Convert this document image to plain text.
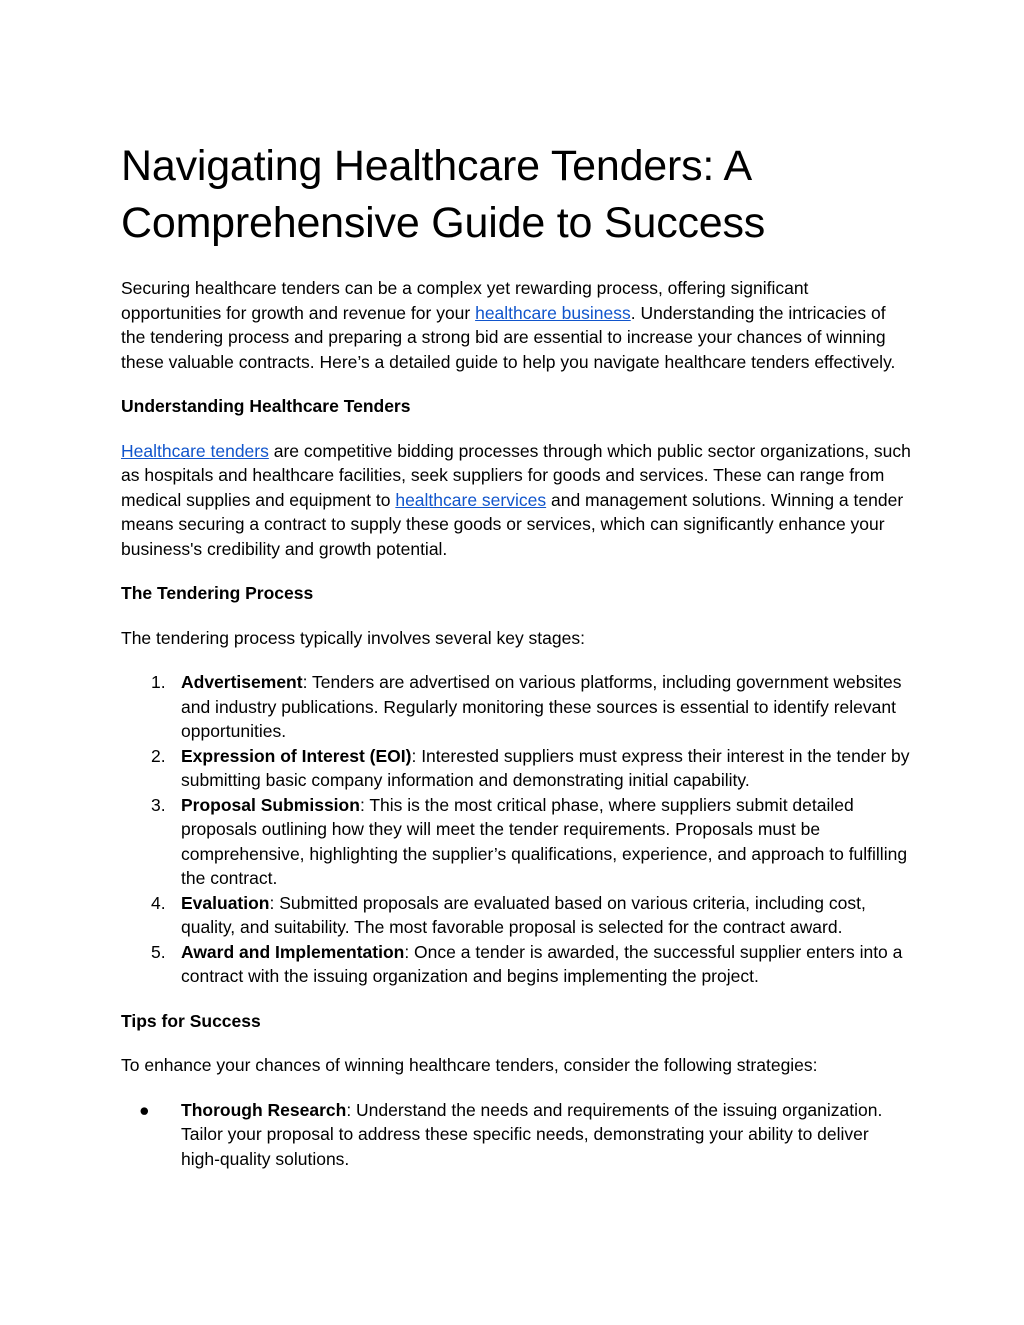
Navigating Healthcare Tenders: A Comprehensive Guide to Success

Securing healthcare tenders can be a complex yet rewarding process, offering significant opportunities for growth and revenue for your healthcare business. Understanding the intricacies of the tendering process and preparing a strong bid are essential to increase your chances of winning these valuable contracts. Here’s a detailed guide to help you navigate healthcare tenders effectively.

Understanding Healthcare Tenders

Healthcare tenders are competitive bidding processes through which public sector organizations, such as hospitals and healthcare facilities, seek suppliers for goods and services. These can range from medical supplies and equipment to healthcare services and management solutions. Winning a tender means securing a contract to supply these goods or services, which can significantly enhance your business's credibility and growth potential.

The Tendering Process

The tendering process typically involves several key stages:

1. Advertisement: Tenders are advertised on various platforms, including government websites and industry publications. Regularly monitoring these sources is essential to identify relevant opportunities.
2. Expression of Interest (EOI): Interested suppliers must express their interest in the tender by submitting basic company information and demonstrating initial capability.
3. Proposal Submission: This is the most critical phase, where suppliers submit detailed proposals outlining how they will meet the tender requirements. Proposals must be comprehensive, highlighting the supplier’s qualifications, experience, and approach to fulfilling the contract.
4. Evaluation: Submitted proposals are evaluated based on various criteria, including cost, quality, and suitability. The most favorable proposal is selected for the contract award.
5. Award and Implementation: Once a tender is awarded, the successful supplier enters into a contract with the issuing organization and begins implementing the project.

Tips for Success

To enhance your chances of winning healthcare tenders, consider the following strategies:

● Thorough Research: Understand the needs and requirements of the issuing organization. Tailor your proposal to address these specific needs, demonstrating your ability to deliver high-quality solutions.
